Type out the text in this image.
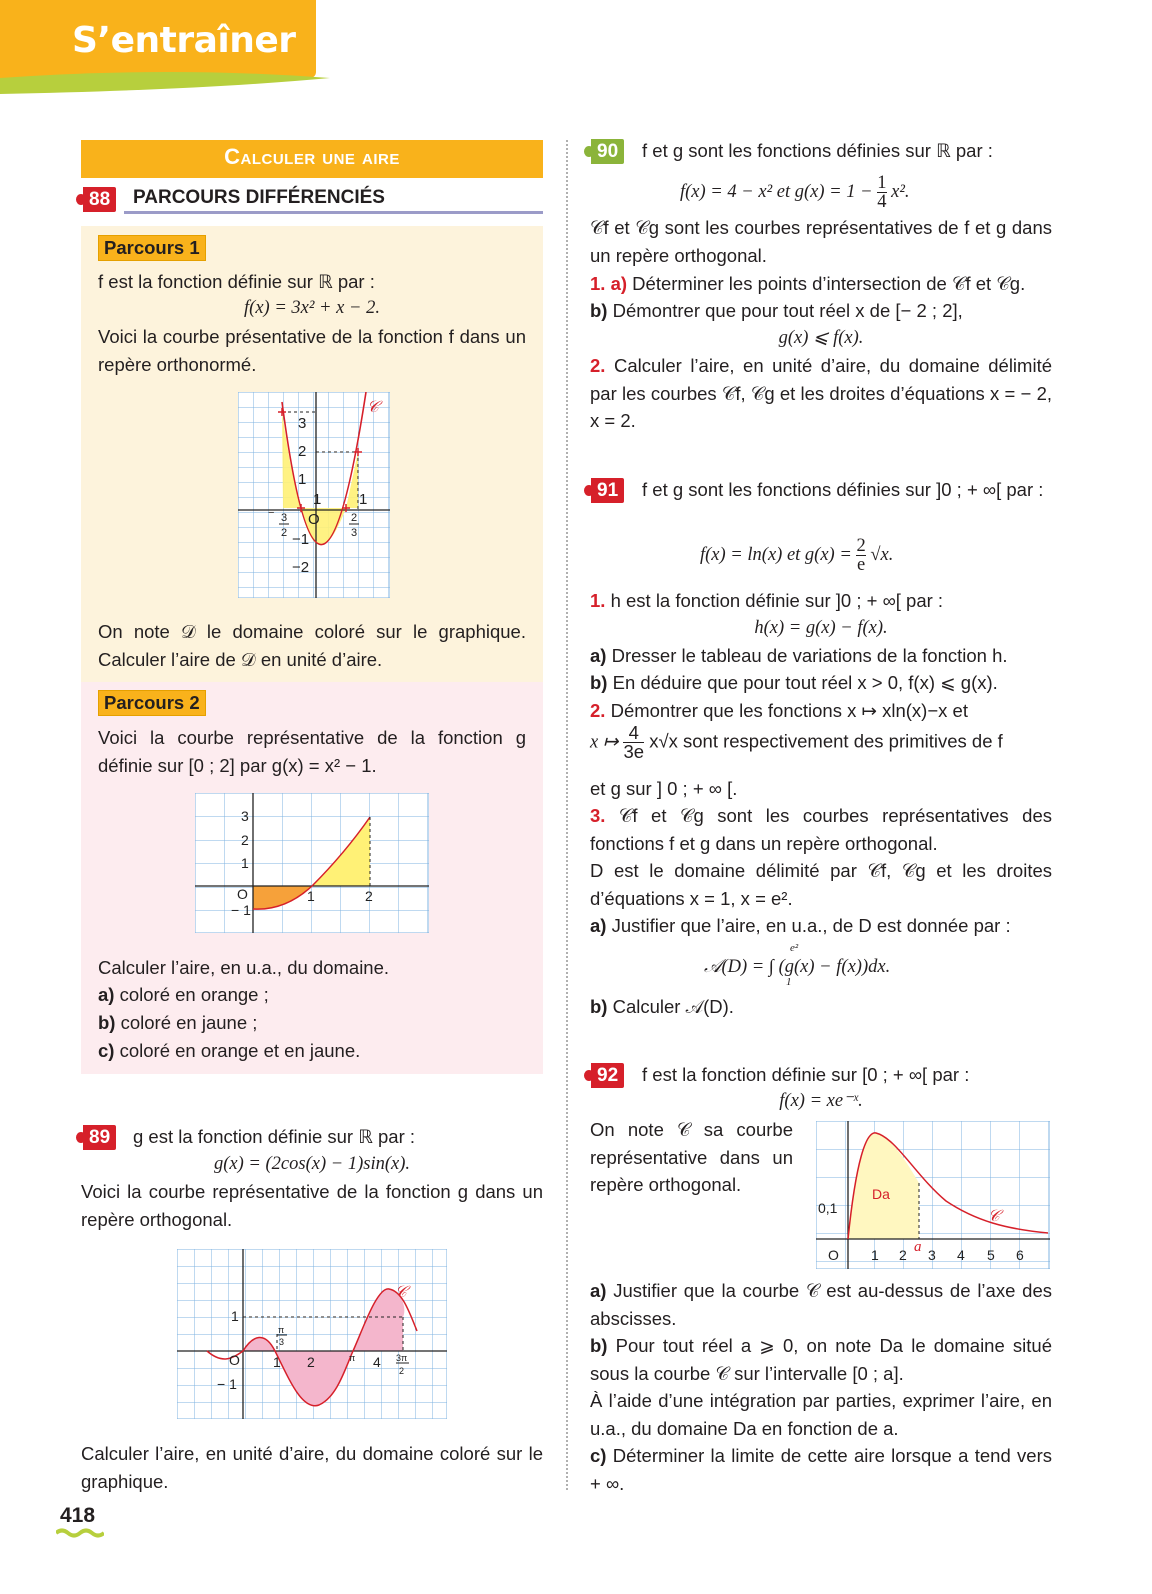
S’entraîner
Calculer une aire
88	PARCOURS DIFFÉRENCIÉS
Parcours 1
f est la fonction définie sur ℝ par :
f(x) = 3x² + x − 2.
Voici la courbe présentative de la fonction f dans un repère orthonormé.
𝒞
3
2
1
1	1
O
−1
−2
− 3
2
2
3
On note 𝒟 le domaine coloré sur le graphique. Calculer l’aire de 𝒟 en unité d’aire.
Parcours 2
Voici la courbe représentative de la fonction g définie sur [0 ; 2] par g(x) = x² − 1.
3
2
1
O
− 1
1	2
Calculer l’aire, en u.a., du domaine.
a) coloré en orange ;
b) coloré en jaune ;
c) coloré en orange et en jaune.
89	g est la fonction définie sur ℝ par :
g(x) = (2cos(x) − 1)sin(x).
Voici la courbe représentative de la fonction g dans un repère orthogonal.
𝒞
1
O
− 1
1 2	π 4
π
3
3π
2
Calculer l’aire, en unité d’aire, du domaine coloré sur le graphique.
90	f et g sont les fonctions définies sur ℝ par :
f(x) = 4 − x² et $g(x) = 1 - \frac{1}{4} x^2$.
𝒞f et 𝒞g sont les courbes représentatives de f et g dans un repère orthogonal.
1. a) Déterminer les points d’intersection de 𝒞f et 𝒞g.
b) Démontrer que pour tout réel x de [− 2 ; 2],
g(x) ⩽ f(x).
2. Calculer l’aire, en unité d’aire, du domaine délimité par les courbes 𝒞f, 𝒞g et les droites d’équations x = − 2, x = 2.
91	f et g sont les fonctions définies sur ]0 ; + ∞[ par :
f(x) = ln(x) et $g(x) = \frac{2}{e} √x$.
1. h est la fonction définie sur ]0 ; + ∞[ par :
h(x) = g(x) − f(x).
a) Dresser le tableau de variations de la fonction h.
b) En déduire que pour tout réel x > 0, f(x) ⩽ g(x).
2. Démontrer que les fonctions x ↦ xln(x)−x et
x ↦ $\frac{4}{3e} x√x$ sont respectivement des primitives de f
et g sur ] 0 ; + ∞ [.
3. 𝒞f et 𝒞g sont les courbes représentatives des fonctions f et g dans un repère orthogonal.
D est le domaine délimité par 𝒞f, 𝒞g et les droites d’équations x = 1, x = e².
a) Justifier que l’aire, en u.a., de D est donnée par :
𝒜(D) = ∫ (g(x) − f(x))dx.
e²
1
b) Calculer 𝒜(D).
92	f est la fonction définie sur [0 ; + ∞[ par :
f(x) = xe⁻ˣ.
On note 𝒞 sa courbe représentative dans un repère orthogonal.
𝒞
Da
a
0,1
O 1 2 3 4 5 6
a) Justifier que la courbe 𝒞 est au-dessus de l’axe des abscisses.
b) Pour tout réel a ⩾ 0, on note Da le domaine situé sous la courbe 𝒞 sur l’intervalle [0 ; a].
À l’aide d’une intégration par parties, exprimer l’aire, en u.a., du domaine Da en fonction de a.
c) Déterminer la limite de cette aire lorsque a tend vers + ∞.
418
